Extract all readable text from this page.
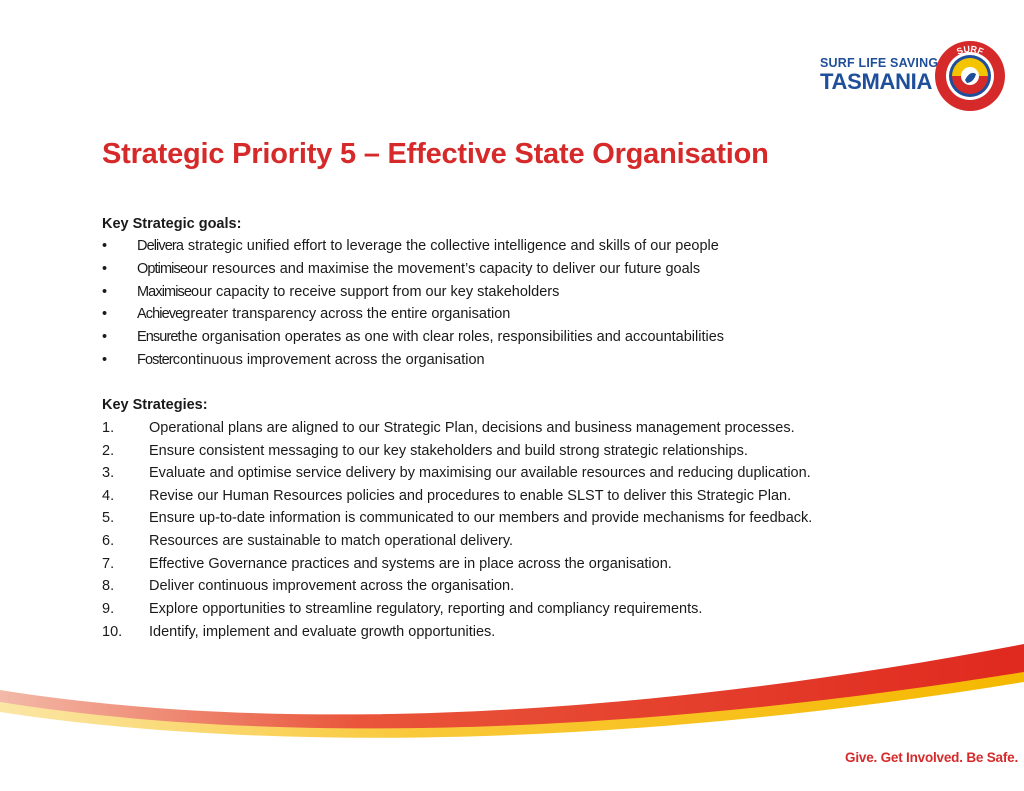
SURF LIFE SAVING
TASMANIA
SURF
Strategic Priority 5 – Effective State Organisation
Key Strategic goals:
• Delivera strategic unified effort to leverage the collective intelligence and skills of our people
• Optimiseour resources and maximise the movement’s capacity to deliver our future goals
• Maximiseour capacity to receive support from our key stakeholders
• Achievegreater transparency across the entire organisation
• Ensurethe organisation operates as one with clear roles, responsibilities and accountabilities
• Fostercontinuous improvement across the organisation
Key Strategies:
1. Operational plans are aligned to our Strategic Plan, decisions and business management processes.
2. Ensure consistent messaging to our key stakeholders and build strong strategic relationships.
3. Evaluate and optimise service delivery by maximising our available resources and reducing duplication.
4. Revise our Human Resources policies and procedures to enable SLST to deliver this Strategic Plan.
5. Ensure up-to-date information is communicated to our members and provide mechanisms for feedback.
6. Resources are sustainable to match operational delivery.
7. Effective Governance practices and systems are in place across the organisation.
8. Deliver continuous improvement across the organisation.
9. Explore opportunities to streamline regulatory, reporting and compliancy requirements.
10. Identify, implement and evaluate growth opportunities.
Give. Get Involved. Be Safe.
